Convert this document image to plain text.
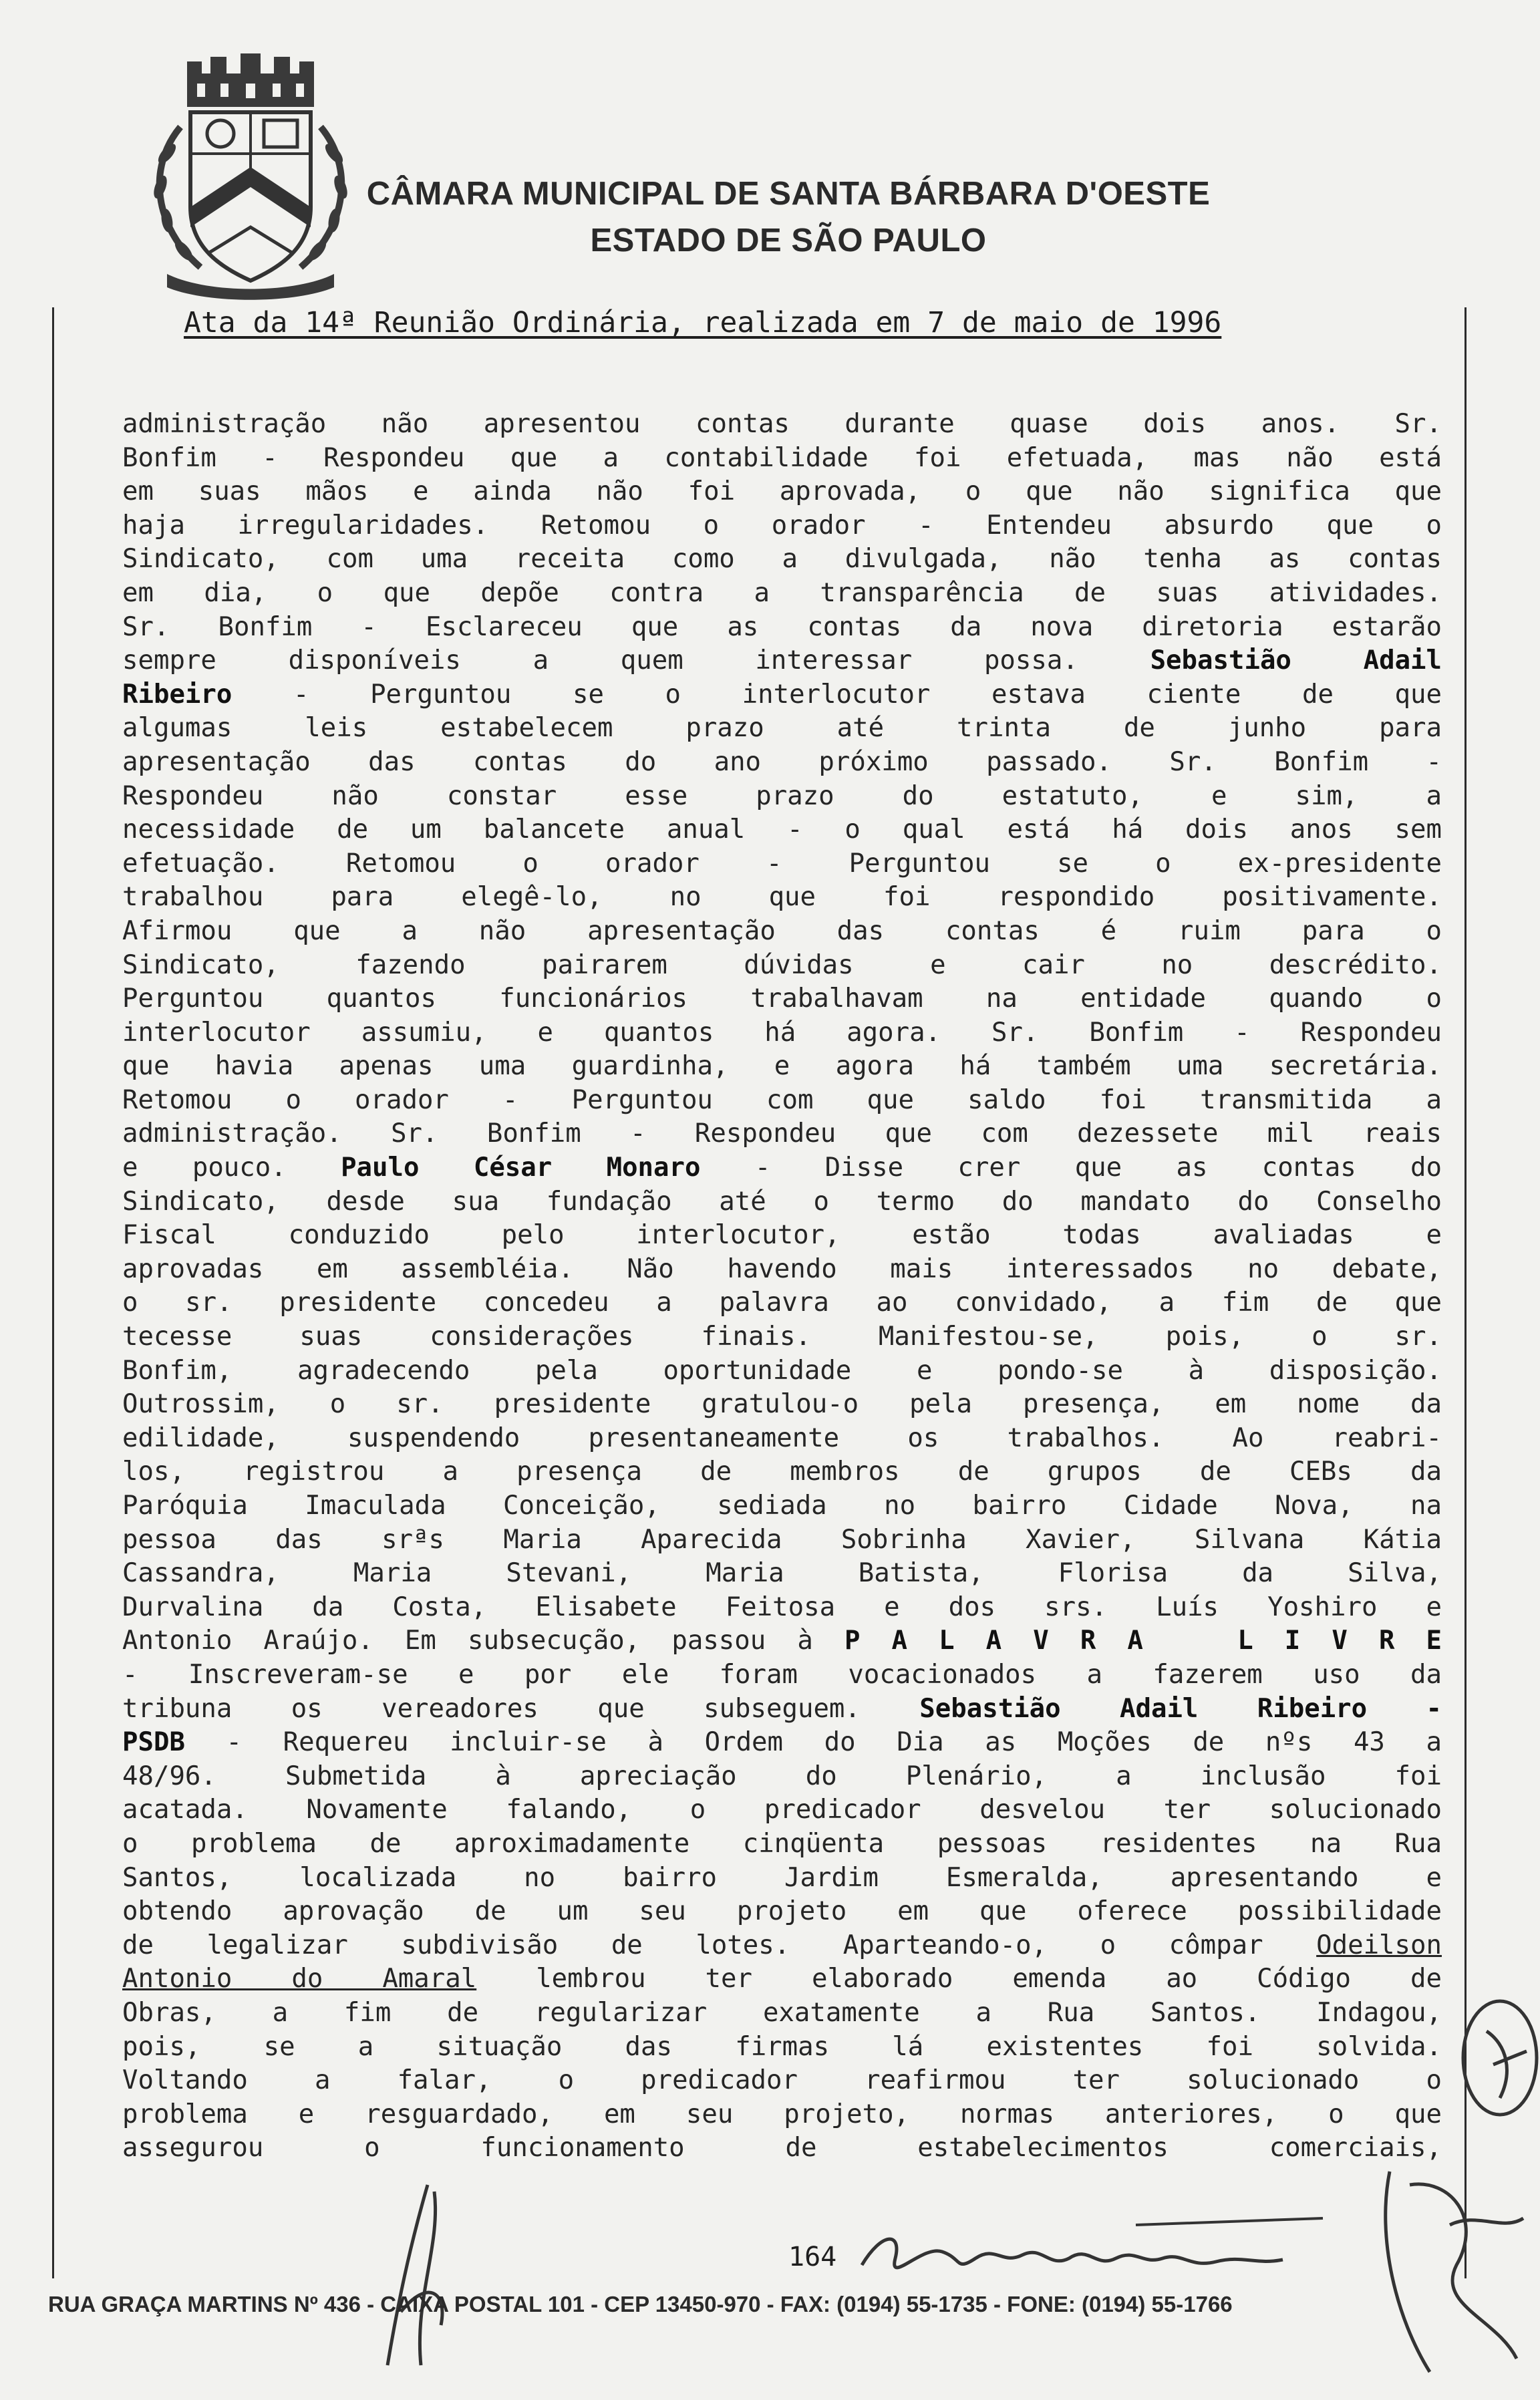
CÂMARA MUNICIPAL DE SANTA BÁRBARA D'OESTE
ESTADO DE SÃO PAULO
Ata da 14ª Reunião Ordinária, realizada em 7 de maio de 1996
administração não apresentou contas durante quase dois anos. Sr.
Bonfim - Respondeu que a contabilidade foi efetuada, mas não está
em suas mãos e ainda não foi aprovada, o que não significa que
haja irregularidades. Retomou o orador - Entendeu absurdo que o
Sindicato, com uma receita como a divulgada, não tenha as contas
em dia, o que depõe contra a transparência de suas atividades.
Sr. Bonfim - Esclareceu que as contas da nova diretoria estarão
sempre disponíveis a quem interessar possa.	Sebastião Adail
Ribeiro - Perguntou se o interlocutor estava ciente de que
algumas leis estabelecem prazo até trinta de junho para
apresentação das contas do ano próximo passado. Sr. Bonfim -
Respondeu não constar esse prazo do estatuto, e sim, a
necessidade de um balancete anual - o qual está há dois anos sem
efetuação. Retomou o orador - Perguntou se o ex-presidente
trabalhou para elegê-lo, no que foi respondido positivamente.
Afirmou que a não apresentação das contas é ruim para o
Sindicato, fazendo pairarem dúvidas e cair no descrédito.
Perguntou quantos funcionários trabalhavam na entidade quando o
interlocutor assumiu, e quantos há agora. Sr. Bonfim - Respondeu
que havia apenas uma guardinha, e agora há também uma secretária.
Retomou o orador - Perguntou com que saldo foi transmitida a
administração. Sr. Bonfim - Respondeu que com dezessete mil reais
e pouco. Paulo César Monaro - Disse crer que as contas do
Sindicato, desde sua fundação até o termo do mandato do Conselho
Fiscal conduzido pelo interlocutor, estão todas avaliadas e
aprovadas em assembléia. Não havendo mais interessados no debate,
o sr. presidente concedeu a palavra ao convidado, a fim de que
tecesse suas considerações finais. Manifestou-se, pois, o sr.
Bonfim, agradecendo pela oportunidade e pondo-se à disposição.
Outrossim, o sr. presidente gratulou-o pela presença, em nome da
edilidade, suspendendo presentaneamente os trabalhos. Ao reabri-
los, registrou a presença de membros de grupos de CEBs da
Paróquia Imaculada Conceição, sediada no bairro Cidade Nova, na
pessoa das srªs Maria Aparecida Sobrinha Xavier, Silvana Kátia
Cassandra, Maria Stevani, Maria Batista, Florisa da Silva,
Durvalina da Costa, Elisabete Feitosa e dos srs. Luís Yoshiro e
Antonio Araújo. Em subsecução, passou à P A L A V R A   L I V R E
- Inscreveram-se e por ele foram vocacionados a fazerem uso da
tribuna os vereadores que subseguem. Sebastião Adail Ribeiro -
PSDB - Requereu incluir-se à Ordem do Dia as Moções de nºs 43 a
48/96. Submetida à apreciação do Plenário, a inclusão foi
acatada. Novamente falando, o predicador desvelou ter solucionado
o problema de aproximadamente cinqüenta pessoas residentes na Rua
Santos, localizada no bairro Jardim Esmeralda, apresentando e
obtendo aprovação de um seu projeto em que oferece possibilidade
de legalizar subdivisão de lotes. Aparteando-o, o cômpar Odeilson
Antonio do Amaral lembrou ter elaborado emenda ao Código de
Obras, a fim de regularizar exatamente a Rua Santos. Indagou,
pois, se a situação das firmas lá existentes foi solvida.
Voltando a falar, o predicador reafirmou ter solucionado o
problema e resguardado, em seu projeto, normas anteriores, o que
assegurou o funcionamento de estabelecimentos comerciais,
164
RUA GRAÇA MARTINS Nº 436 - CAIXA POSTAL 101 - CEP 13450-970 - FAX: (0194) 55-1735 - FONE: (0194) 55-1766
